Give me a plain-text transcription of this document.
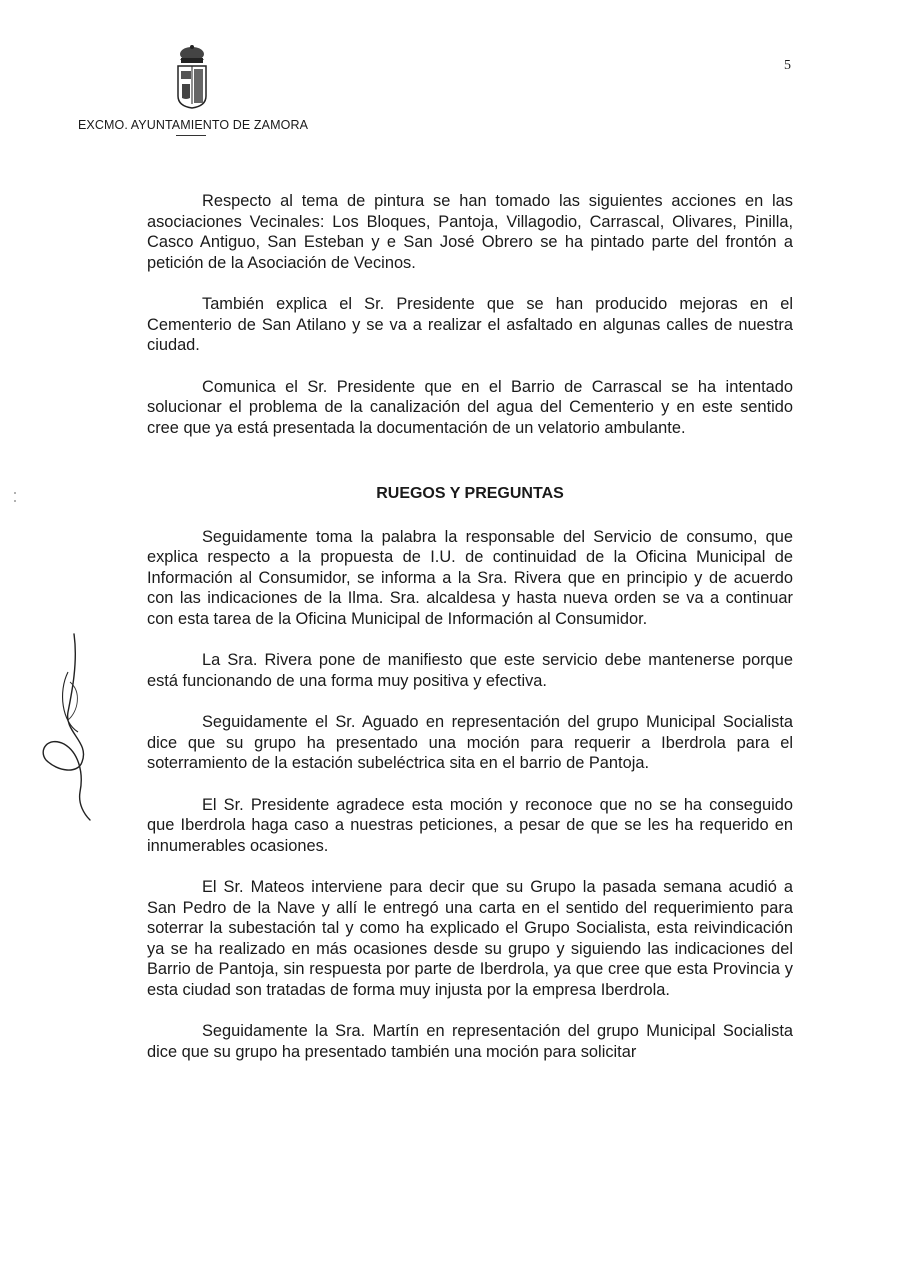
EXCMO. AYUNTAMIENTO DE ZAMORA
5

Respecto al tema de pintura se han tomado las siguientes acciones en las asociaciones Vecinales: Los Bloques, Pantoja, Villagodio, Carrascal, Olivares, Pinilla, Casco Antiguo, San Esteban y e San José Obrero se ha pintado parte del frontón a petición de la Asociación de Vecinos.

También explica el Sr. Presidente que se han producido mejoras en el Cementerio de San Atilano y se va a realizar el asfaltado en algunas calles de nuestra ciudad.

Comunica el Sr. Presidente que en el Barrio de Carrascal se ha intentado solucionar el problema de la canalización del agua del Cementerio y en este sentido cree que ya está presentada la documentación de un velatorio ambulante.

RUEGOS Y PREGUNTAS

Seguidamente toma la palabra la responsable del Servicio de consumo, que explica respecto a la propuesta de I.U. de continuidad de la Oficina Municipal de Información al Consumidor, se informa a la Sra. Rivera que en principio y de acuerdo con las indicaciones de la Ilma. Sra. alcaldesa y hasta nueva orden se va a continuar con esta tarea de la Oficina Municipal de Información al Consumidor.

La Sra. Rivera pone de manifiesto que este servicio debe mantenerse porque está funcionando de una forma muy positiva y efectiva.

Seguidamente el Sr. Aguado en representación del grupo Municipal Socialista dice que su grupo ha presentado una moción para requerir a Iberdrola para el soterramiento de la estación subeléctrica sita en el barrio de Pantoja.

El Sr. Presidente agradece esta moción y reconoce que no se ha conseguido que Iberdrola haga caso a nuestras peticiones, a pesar de que se les ha requerido en innumerables ocasiones.

El Sr. Mateos interviene para decir que su Grupo la pasada semana acudió a San Pedro de la Nave y allí le entregó una carta en el sentido del requerimiento para soterrar la subestación tal y como ha explicado el Grupo Socialista, esta reivindicación ya se ha realizado en más ocasiones desde su grupo y siguiendo las indicaciones del Barrio de Pantoja, sin respuesta por parte de Iberdrola, ya que cree que esta Provincia y esta ciudad son tratadas de forma muy injusta por la empresa Iberdrola.

Seguidamente la Sra. Martín en representación del grupo Municipal Socialista dice que su grupo ha presentado también una moción para solicitar
